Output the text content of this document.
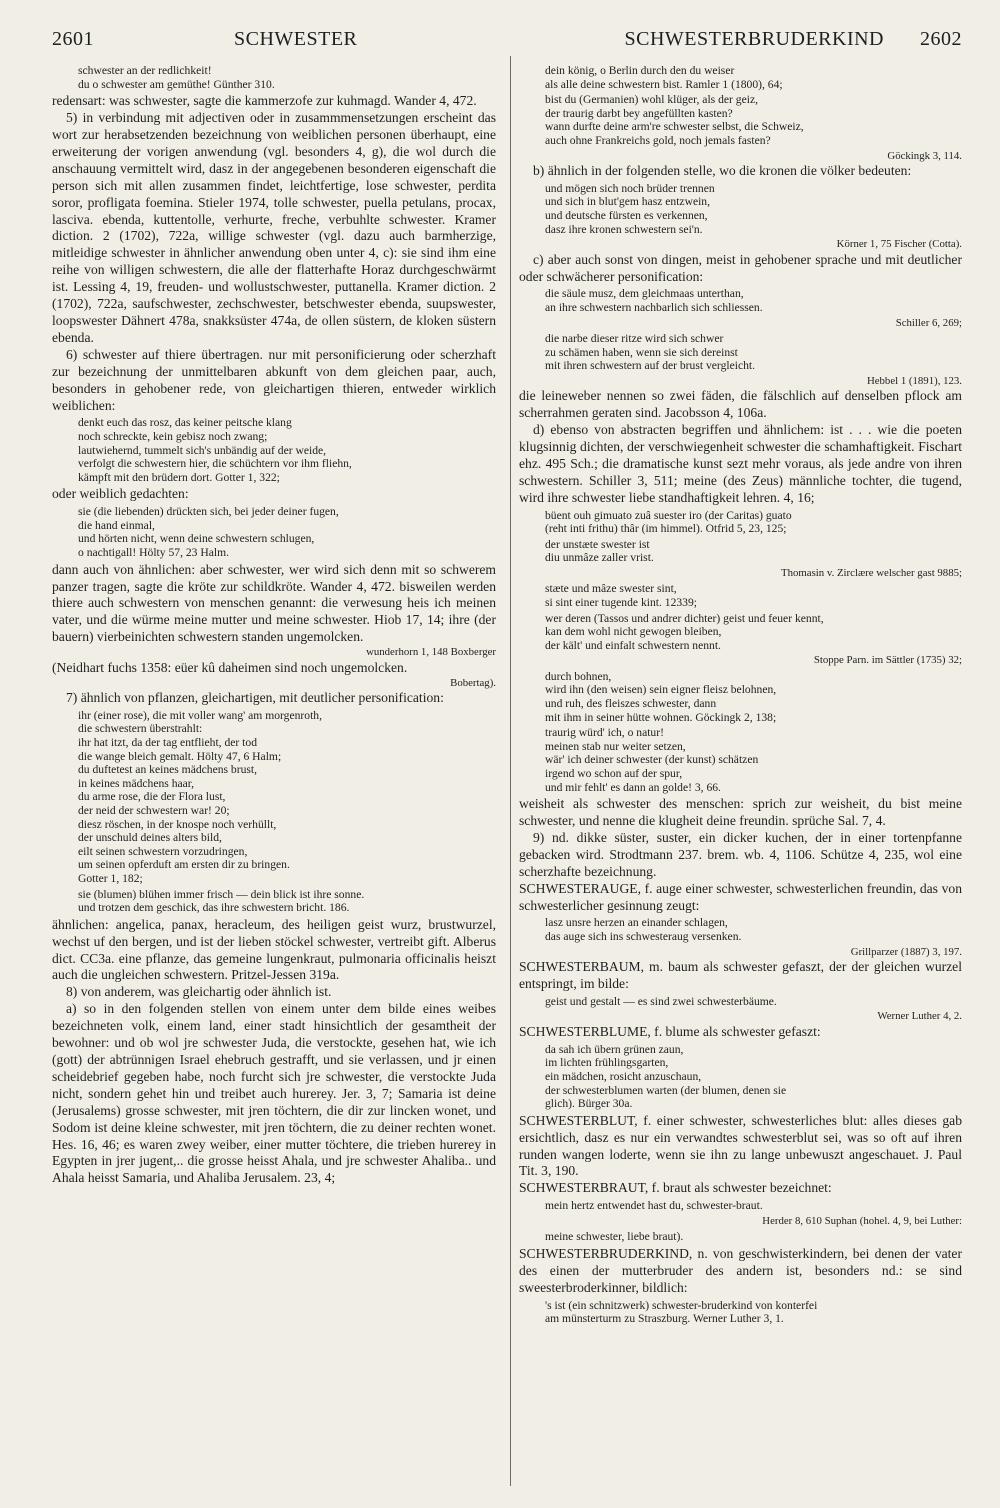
2601	SCHWESTER	SCHWESTERBRUDERKIND 2602
schwester an der redlichkeit!
du o schwester am gemüthe! Günther 310.

redensart: was schwester, sagte die kammerzofe zur kuhmagd. Wander 4, 472.

5) in verbindung mit adjectiven oder in zusammmensetzungen erscheint das wort zur herabsetzenden bezeichnung von weiblichen personen überhaupt, eine erweiterung der vorigen anwendung (vgl. besonders 4, g), die wol durch die anschauung vermittelt wird, dasz in der angegebenen besonderen eigenschaft die person sich mit allen zusammen findet, leichtfertige, lose schwester, perdita soror, profligata foemina. Stieler 1974, tolle schwester, puella petulans, procax, lasciva. ebenda, kuttentolle, verhurte, freche, verbuhlte schwester. Kramer diction. 2 (1702), 722a, willige schwester (vgl. dazu auch barmherzige, mitleidige schwester in ähnlicher anwendung oben unter 4, c): sie sind ihm eine reihe von willigen schwestern, die alle der flatterhafte Horaz durchgeschwärmt ist. Lessing 4, 19, freuden- und wollustschwester, puttanella. Kramer diction. 2 (1702), 722a, saufschwester, zechschwester, betschwester ebenda, suupswester, loopswester Dähnert 478a, snakksüster 474a, de ollen süstern, de kloken süstern ebenda.

6) schwester auf thiere übertragen. nur mit personificierung oder scherzhaft zur bezeichnung der unmittelbaren abkunft von dem gleichen paar, auch, besonders in gehobener rede, von gleichartigen thieren, entweder wirklich weiblichen:

denkt euch das rosz, das keiner peitsche klang
noch schreckte, kein gebisz noch zwang;
lautwiehernd, tummelt sich's unbändig auf der weide,
verfolgt die schwestern hier, die schüchtern vor ihm fliehn,
kämpft mit den brüdern dort. Gotter 1, 322;

oder weiblich gedachten:

sie (die liebenden) drückten sich, bei jeder deiner fugen,
die hand einmal,
und hörten nicht, wenn deine schwestern schlugen,
o nachtigall! Hölty 57, 23 Halm.

dann auch von ähnlichen: aber schwester, wer wird sich denn mit so schwerem panzer tragen, sagte die kröte zur schildkröte. Wander 4, 472. bisweilen werden thiere auch schwestern von menschen genannt: die verwesung heis ich meinen vater, und die würme meine mutter und meine schwester. Hiob 17, 14; ihre (der bauern) vierbeinichten schwestern standen ungemolcken.

wunderhorn 1, 148 Boxberger

(Neidhart fuchs 1358: eüer kû daheimen sind noch ungemolcken.

Bobertag).

7) ähnlich von pflanzen, gleichartigen, mit deutlicher personification:

ihr (einer rose), die mit voller wang' am morgenroth,
die schwestern überstrahlt:
ihr hat itzt, da der tag entflieht, der tod
die wange bleich gemalt. Hölty 47, 6 Halm;
du duftetest an keines mädchens brust,
in keines mädchens haar,
du arme rose, die der Flora lust,
der neid der schwestern war! 20;
diesz röschen, in der knospe noch verhüllt,
der unschuld deines alters bild,
eilt seinen schwestern vorzudringen,
um seinen opferduft am ersten dir zu bringen.
Gotter 1, 182;
sie (blumen) blühen immer frisch — dein blick ist ihre sonne.
und trotzen dem geschick, das ihre schwestern bricht. 186.

ähnlichen: angelica, panax, heracleum, des heiligen geist wurz, brustwurzel, wechst uf den bergen, und ist der lieben stöckel schwester, vertreibt gift. Alberus dict. CC3a. eine pflanze, das gemeine lungenkraut, pulmonaria officinalis heiszt auch die ungleichen schwestern. Pritzel-Jessen 319a.

8) von anderem, was gleichartig oder ähnlich ist.

a) so in den folgenden stellen von einem unter dem bilde eines weibes bezeichneten volk, einem land, einer stadt hinsichtlich der gesamtheit der bewohner: und ob wol jre schwester Juda, die verstockte, gesehen hat, wie ich (gott) der abtrünnigen Israel ehebruch gestrafft, und sie verlassen, und jr einen scheidebrief gegeben habe, noch furcht sich jre schwester, die verstockte Juda nicht, sondern gehet hin und treibet auch hurerey. Jer. 3, 7; Samaria ist deine (Jerusalems) grosse schwester, mit jren töchtern, die dir zur lincken wonet, und Sodom ist deine kleine schwester, mit jren töchtern, die zu deiner rechten wonet. Hes. 16, 46; es waren zwey weiber, einer mutter töchtere, die trieben hurerey in Egypten in jrer jugent,.. die grosse heisst Ahala, und jre schwester Ahaliba.. und Ahala heisst Samaria, und Ahaliba Jerusalem. 23, 4;

dein könig, o Berlin durch den du weiser
als alle deine schwestern bist. Ramler 1 (1800), 64;
bist du (Germanien) wohl klüger, als der geiz,
der traurig darbt bey angefüllten kasten?
wann durfte deine arm're schwester selbst, die Schweiz,
auch ohne Frankreichs gold, noch jemals fasten?
Göckingk 3, 114.

b) ähnlich in der folgenden stelle, wo die kronen die völker bedeuten:

und mögen sich noch brüder trennen
und sich in blut'gem hasz entzwein,
und deutsche fürsten es verkennen,
dasz ihre kronen schwestern sei'n.
Körner 1, 75 Fischer (Cotta).

c) aber auch sonst von dingen, meist in gehobener sprache und mit deutlicher oder schwächerer personification:

die säule musz, dem gleichmaas unterthan,
an ihre schwestern nachbarlich sich schliessen.
Schiller 6, 269;
die narbe dieser ritze wird sich schwer
zu schämen haben, wenn sie sich dereinst
mit ihren schwestern auf der brust vergleicht.
Hebbel 1 (1891), 123.

die leineweber nennen so zwei fäden, die fälschlich auf denselben pflock am scherrahmen geraten sind. Jacobsson 4, 106a.

d) ebenso von abstracten begriffen und ähnlichem: ist . . . wie die poeten klugsinnig dichten, der verschwiegenheit schwester die schamhaftigkeit. Fischart ehz. 495 Sch.; die dramatische kunst sezt mehr voraus, als jede andre von ihren schwestern. Schiller 3, 511; meine (des Zeus) männliche tochter, die tugend, wird ihre schwester liebe standhaftigkeit lehren. 4, 16;

büent ouh gimuato zuâ suester iro (der Caritas) guato
(reht inti frithu) thâr (im himmel). Otfrid 5, 23, 125;
der unstæte swester ist
diu unmâze zaller vrist.
Thomasin v. Zirclære welscher gast 9885;
stæte und mâze swester sint,
si sint einer tugende kint. 12339;
wer deren (Tassos und andrer dichter) geist und feuer kennt,
kan dem wohl nicht gewogen bleiben,
der kält' und einfalt schwestern nennt.
Stoppe Parn. im Sättler (1735) 32;
durch bohnen,
wird ihn (den weisen) sein eigner fleisz belohnen,
und ruh, des fleiszes schwester, dann
mit ihm in seiner hütte wohnen. Göckingk 2, 138;
traurig würd' ich, o natur!
meinen stab nur weiter setzen,
wär' ich deiner schwester (der kunst) schätzen
irgend wo schon auf der spur,
und mir fehlt' es dann an golde! 3, 66.

weisheit als schwester des menschen: sprich zur weisheit, du bist meine schwester, und nenne die klugheit deine freundin. sprüche Sal. 7, 4.

9) nd. dikke süster, suster, ein dicker kuchen, der in einer tortenpfanne gebacken wird. Strodtmann 237. brem. wb. 4, 1106. Schütze 4, 235, wol eine scherzhafte bezeichnung.

SCHWESTERAUGE, f. auge einer schwester, schwesterlichen freundin, das von schwesterlicher gesinnung zeugt:

lasz unsre herzen an einander schlagen,
das auge sich ins schwesteraug versenken.
Grillparzer (1887) 3, 197.

SCHWESTERBAUM, m. baum als schwester gefaszt, der der gleichen wurzel entspringt, im bilde:

geist und gestalt — es sind zwei schwesterbäume.
Werner Luther 4, 2.

SCHWESTERBLUME, f. blume als schwester gefaszt:

da sah ich übern grünen zaun,
im lichten frühlingsgarten,
ein mädchen, rosicht anzuschaun,
der schwesterblumen warten (der blumen, denen sie
glich). Bürger 30a.

SCHWESTERBLUT, f. einer schwester, schwesterliches blut: alles dieses gab ersichtlich, dasz es nur ein verwandtes schwesterblut sei, was so oft auf ihren runden wangen loderte, wenn sie ihn zu lange unbewuszt angeschauet. J. Paul Tit. 3, 190.

SCHWESTERBRAUT, f. braut als schwester bezeichnet:

mein hertz entwendet hast du, schwester-braut.
Herder 8, 610 Suphan (hohel. 4, 9, bei Luther:
meine schwester, liebe braut).

SCHWESTERBRUDERKIND, n. von geschwisterkindern, bei denen der vater des einen der mutterbruder des andern ist, besonders nd.: se sind sweesterbroderkinner, bildlich:

's ist (ein schnitzwerk) schwester-bruderkind von konterfei
am münsterturm zu Straszburg. Werner Luther 3, 1.
